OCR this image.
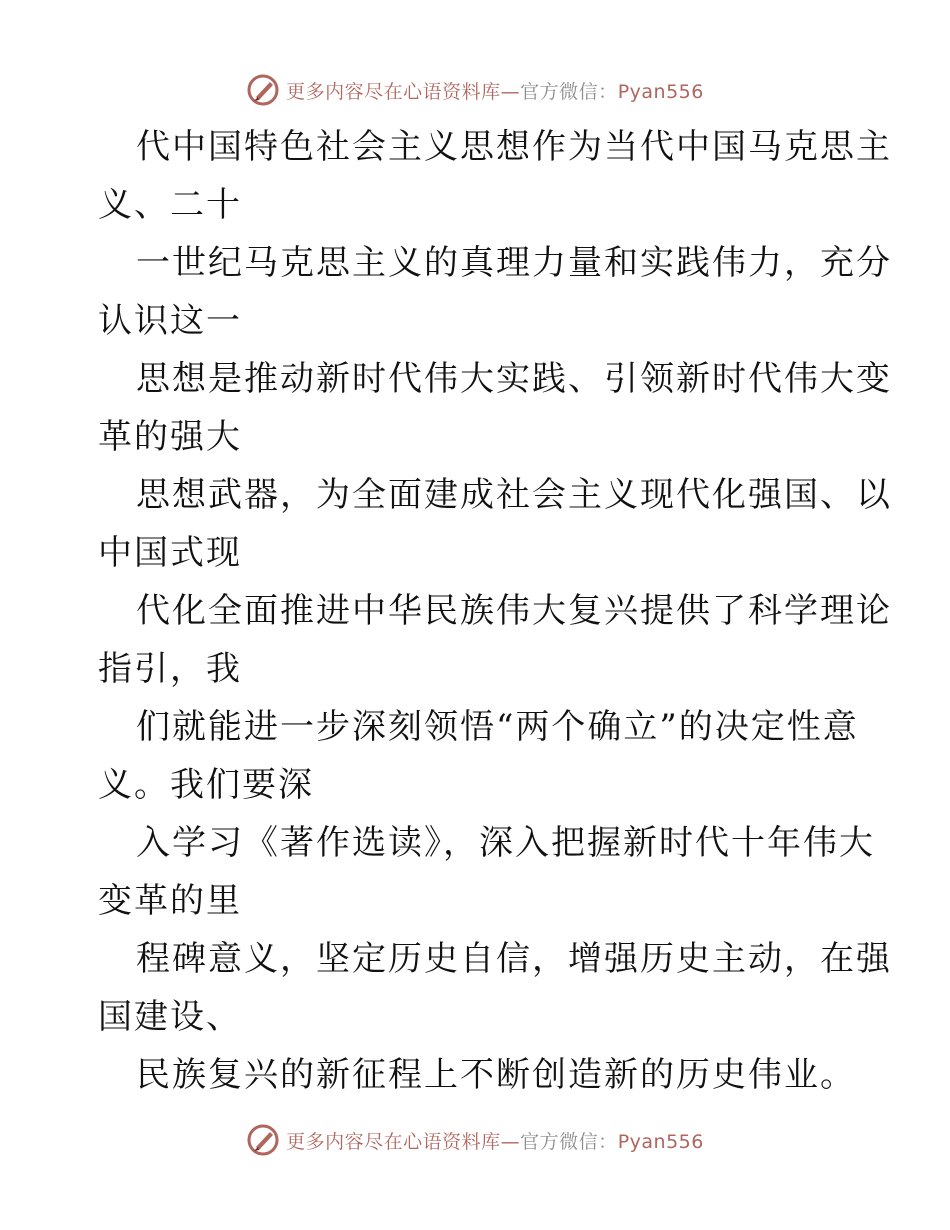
更多内容尽在心语资料库—官方微信：Pyan556
代中国特色社会主义思想作为当代中国马克思主
义、二十
一世纪马克思主义的真理力量和实践伟力，充分
认识这一
思想是推动新时代伟大实践、引领新时代伟大变
革的强大
思想武器，为全面建成社会主义现代化强国、以
中国式现
代化全面推进中华民族伟大复兴提供了科学理论
指引，我
们就能进一步深刻领悟“两个确立”的决定性意
义。我们要深
入学习《著作选读》，深入把握新时代十年伟大
变革的里
程碑意义，坚定历史自信，增强历史主动，在强
国建设、
民族复兴的新征程上不断创造新的历史伟业。
更多内容尽在心语资料库—官方微信：Pyan556
